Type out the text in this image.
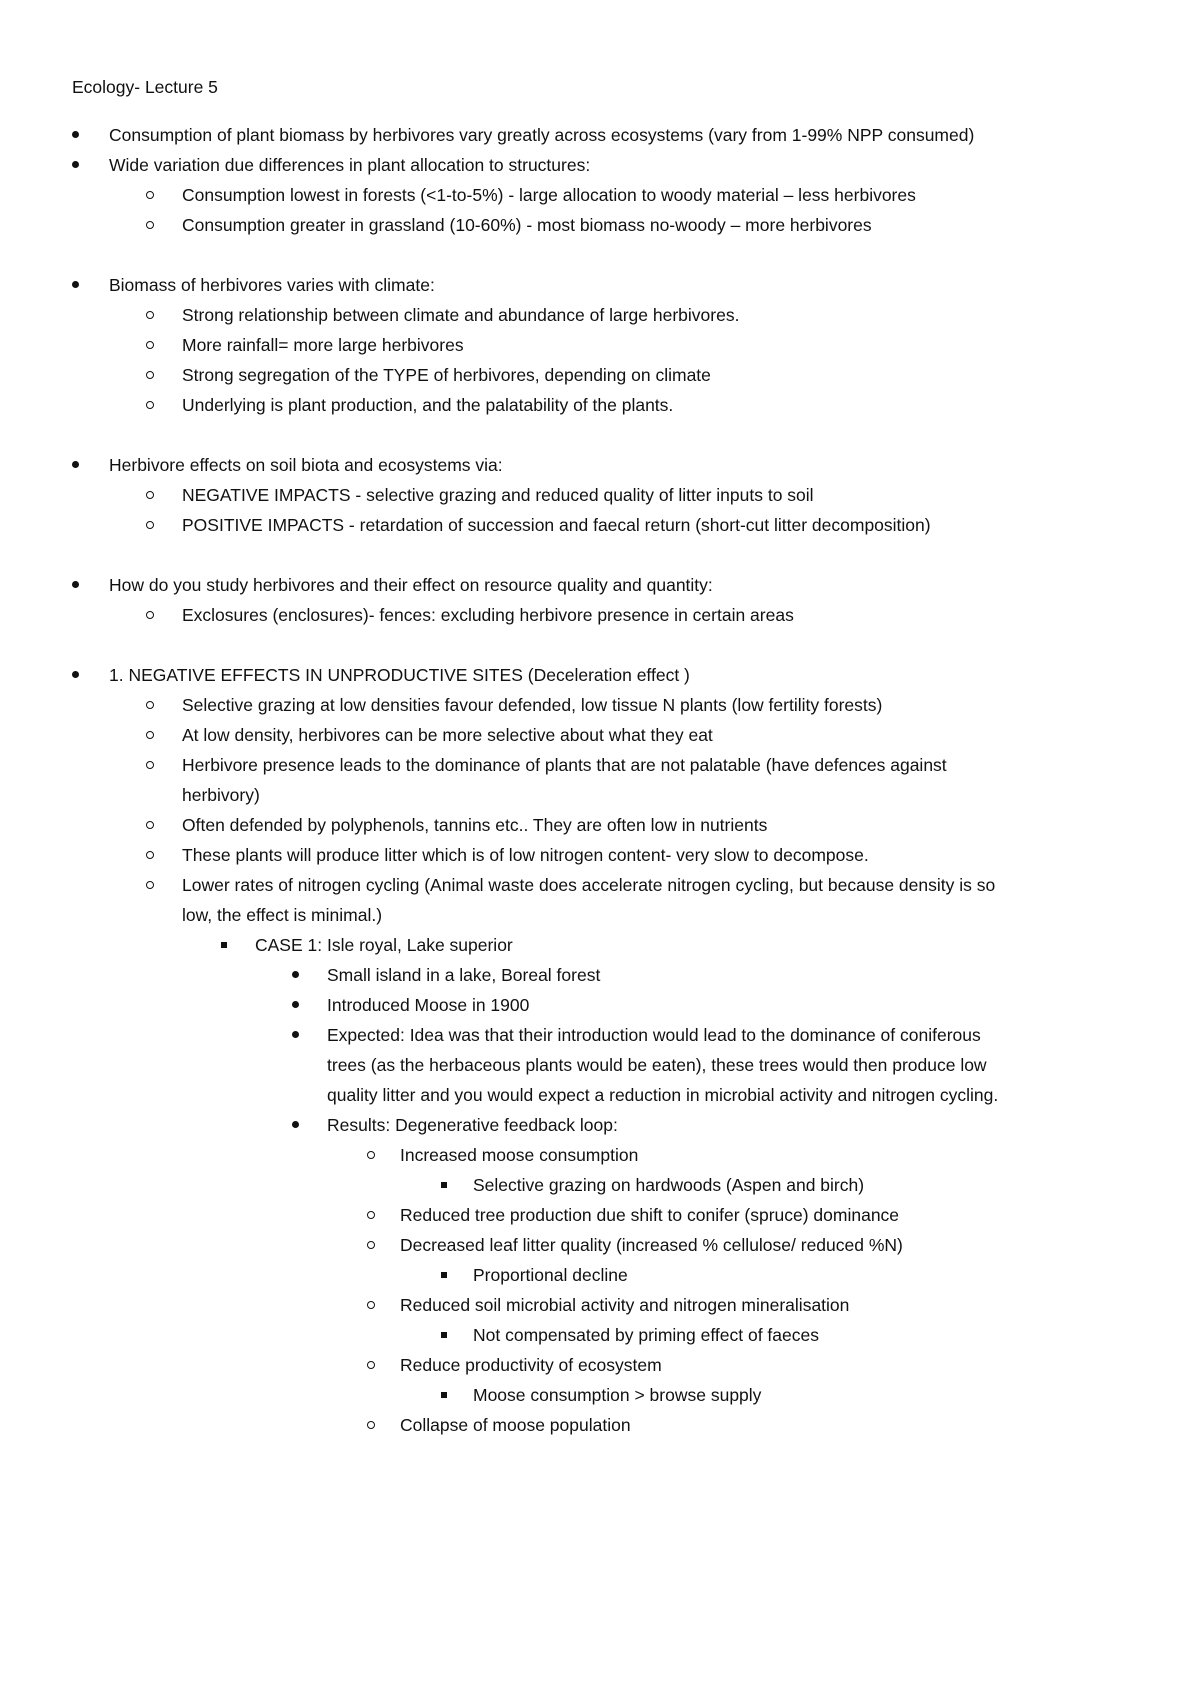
Ecology- Lecture 5
Consumption of plant biomass by herbivores vary greatly across ecosystems (vary from 1-99% NPP consumed)
Wide variation due differences in plant allocation to structures:
Consumption lowest in forests (<1-to-5%) - large allocation to woody material – less herbivores
Consumption greater in grassland (10-60%) - most biomass no-woody – more herbivores
Biomass of herbivores varies with climate:
Strong relationship between climate and abundance of large herbivores.
More rainfall= more large herbivores
Strong segregation of the TYPE of herbivores, depending on climate
Underlying is plant production, and the palatability of the plants.
Herbivore effects on soil biota and ecosystems via:
NEGATIVE IMPACTS - selective grazing and reduced quality of litter inputs to soil
POSITIVE IMPACTS - retardation of succession and faecal return (short-cut litter decomposition)
How do you study herbivores and their effect on resource quality and quantity:
Exclosures (enclosures)- fences: excluding herbivore presence in certain areas
1. NEGATIVE EFFECTS IN UNPRODUCTIVE SITES (Deceleration effect )
Selective grazing at low densities favour defended, low tissue N plants (low fertility forests)
At low density, herbivores can be more selective about what they eat
Herbivore presence leads to the dominance of plants that are not palatable (have defences against
herbivory)
Often defended by polyphenols, tannins etc.. They are often low in nutrients
These plants will produce litter which is of low nitrogen content- very slow to decompose.
Lower rates of nitrogen cycling (Animal waste does accelerate nitrogen cycling, but because density is so
low, the effect is minimal.)
CASE 1: Isle royal, Lake superior
Small island in a lake, Boreal forest
Introduced Moose in 1900
Expected: Idea was that their introduction would lead to the dominance of coniferous
trees (as the herbaceous plants would be eaten), these trees would then produce low
quality litter and you would expect a reduction in microbial activity and nitrogen cycling.
Results: Degenerative feedback loop:
Increased moose consumption
Selective grazing on hardwoods (Aspen and birch)
Reduced tree production due shift to conifer (spruce) dominance
Decreased leaf litter quality (increased % cellulose/ reduced %N)
Proportional decline
Reduced soil microbial activity and nitrogen mineralisation
Not compensated by priming effect of faeces
Reduce productivity of ecosystem
Moose consumption > browse supply
Collapse of moose population
